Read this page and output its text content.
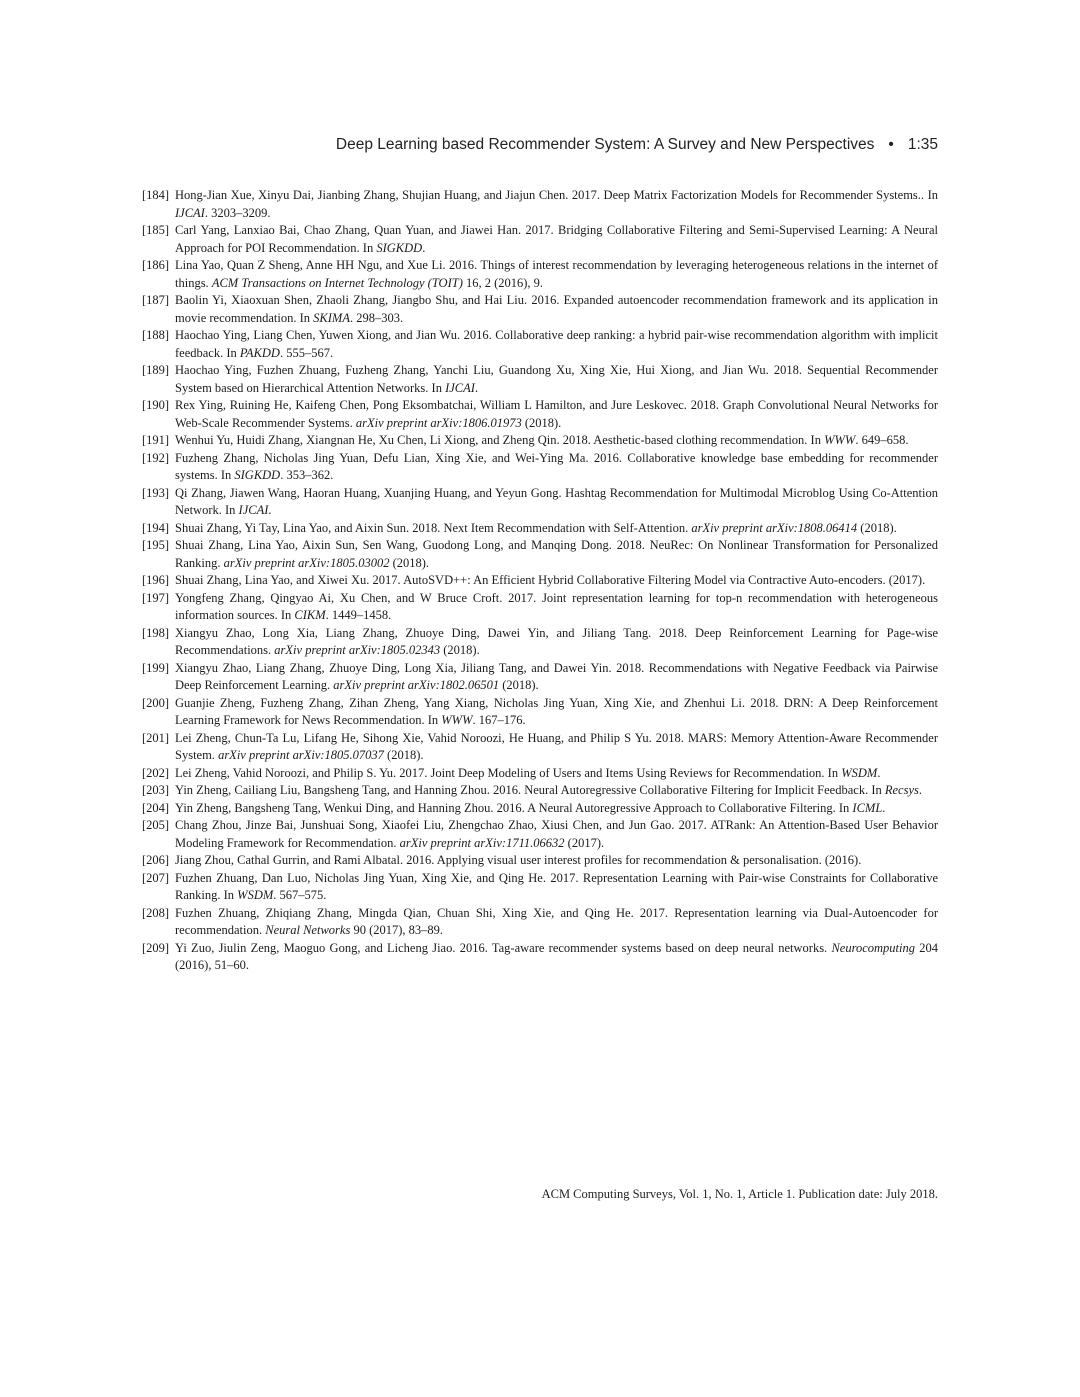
Deep Learning based Recommender System: A Survey and New Perspectives • 1:35

[184] Hong-Jian Xue, Xinyu Dai, Jianbing Zhang, Shujian Huang, and Jiajun Chen. 2017. Deep Matrix Factorization Models for Recommender Systems.. In IJCAI. 3203–3209.

[185] Carl Yang, Lanxiao Bai, Chao Zhang, Quan Yuan, and Jiawei Han. 2017. Bridging Collaborative Filtering and Semi-Supervised Learning: A Neural Approach for POI Recommendation. In SIGKDD.

[186] Lina Yao, Quan Z Sheng, Anne HH Ngu, and Xue Li. 2016. Things of interest recommendation by leveraging heterogeneous relations in the internet of things. ACM Transactions on Internet Technology (TOIT) 16, 2 (2016), 9.

[187] Baolin Yi, Xiaoxuan Shen, Zhaoli Zhang, Jiangbo Shu, and Hai Liu. 2016. Expanded autoencoder recommendation framework and its application in movie recommendation. In SKIMA. 298–303.

[188] Haochao Ying, Liang Chen, Yuwen Xiong, and Jian Wu. 2016. Collaborative deep ranking: a hybrid pair-wise recommendation algorithm with implicit feedback. In PAKDD. 555–567.

[189] Haochao Ying, Fuzhen Zhuang, Fuzheng Zhang, Yanchi Liu, Guandong Xu, Xing Xie, Hui Xiong, and Jian Wu. 2018. Sequential Recommender System based on Hierarchical Attention Networks. In IJCAI.

[190] Rex Ying, Ruining He, Kaifeng Chen, Pong Eksombatchai, William L Hamilton, and Jure Leskovec. 2018. Graph Convolutional Neural Networks for Web-Scale Recommender Systems. arXiv preprint arXiv:1806.01973 (2018).

[191] Wenhui Yu, Huidi Zhang, Xiangnan He, Xu Chen, Li Xiong, and Zheng Qin. 2018. Aesthetic-based clothing recommendation. In WWW. 649–658.

[192] Fuzheng Zhang, Nicholas Jing Yuan, Defu Lian, Xing Xie, and Wei-Ying Ma. 2016. Collaborative knowledge base embedding for recommender systems. In SIGKDD. 353–362.

[193] Qi Zhang, Jiawen Wang, Haoran Huang, Xuanjing Huang, and Yeyun Gong. Hashtag Recommendation for Multimodal Microblog Using Co-Attention Network. In IJCAI.

[194] Shuai Zhang, Yi Tay, Lina Yao, and Aixin Sun. 2018. Next Item Recommendation with Self-Attention. arXiv preprint arXiv:1808.06414 (2018).

[195] Shuai Zhang, Lina Yao, Aixin Sun, Sen Wang, Guodong Long, and Manqing Dong. 2018. NeuRec: On Nonlinear Transformation for Personalized Ranking. arXiv preprint arXiv:1805.03002 (2018).

[196] Shuai Zhang, Lina Yao, and Xiwei Xu. 2017. AutoSVD++: An Efficient Hybrid Collaborative Filtering Model via Contractive Auto-encoders. (2017).

[197] Yongfeng Zhang, Qingyao Ai, Xu Chen, and W Bruce Croft. 2017. Joint representation learning for top-n recommendation with heterogeneous information sources. In CIKM. 1449–1458.

[198] Xiangyu Zhao, Long Xia, Liang Zhang, Zhuoye Ding, Dawei Yin, and Jiliang Tang. 2018. Deep Reinforcement Learning for Page-wise Recommendations. arXiv preprint arXiv:1805.02343 (2018).

[199] Xiangyu Zhao, Liang Zhang, Zhuoye Ding, Long Xia, Jiliang Tang, and Dawei Yin. 2018. Recommendations with Negative Feedback via Pairwise Deep Reinforcement Learning. arXiv preprint arXiv:1802.06501 (2018).

[200] Guanjie Zheng, Fuzheng Zhang, Zihan Zheng, Yang Xiang, Nicholas Jing Yuan, Xing Xie, and Zhenhui Li. 2018. DRN: A Deep Reinforcement Learning Framework for News Recommendation. In WWW. 167–176.

[201] Lei Zheng, Chun-Ta Lu, Lifang He, Sihong Xie, Vahid Noroozi, He Huang, and Philip S Yu. 2018. MARS: Memory Attention-Aware Recommender System. arXiv preprint arXiv:1805.07037 (2018).

[202] Lei Zheng, Vahid Noroozi, and Philip S. Yu. 2017. Joint Deep Modeling of Users and Items Using Reviews for Recommendation. In WSDM.

[203] Yin Zheng, Cailiang Liu, Bangsheng Tang, and Hanning Zhou. 2016. Neural Autoregressive Collaborative Filtering for Implicit Feedback. In Recsys.

[204] Yin Zheng, Bangsheng Tang, Wenkui Ding, and Hanning Zhou. 2016. A Neural Autoregressive Approach to Collaborative Filtering. In ICML.

[205] Chang Zhou, Jinze Bai, Junshuai Song, Xiaofei Liu, Zhengchao Zhao, Xiusi Chen, and Jun Gao. 2017. ATRank: An Attention-Based User Behavior Modeling Framework for Recommendation. arXiv preprint arXiv:1711.06632 (2017).

[206] Jiang Zhou, Cathal Gurrin, and Rami Albatal. 2016. Applying visual user interest profiles for recommendation & personalisation. (2016).

[207] Fuzhen Zhuang, Dan Luo, Nicholas Jing Yuan, Xing Xie, and Qing He. 2017. Representation Learning with Pair-wise Constraints for Collaborative Ranking. In WSDM. 567–575.

[208] Fuzhen Zhuang, Zhiqiang Zhang, Mingda Qian, Chuan Shi, Xing Xie, and Qing He. 2017. Representation learning via Dual-Autoencoder for recommendation. Neural Networks 90 (2017), 83–89.

[209] Yi Zuo, Jiulin Zeng, Maoguo Gong, and Licheng Jiao. 2016. Tag-aware recommender systems based on deep neural networks. Neurocomputing 204 (2016), 51–60.

ACM Computing Surveys, Vol. 1, No. 1, Article 1. Publication date: July 2018.
